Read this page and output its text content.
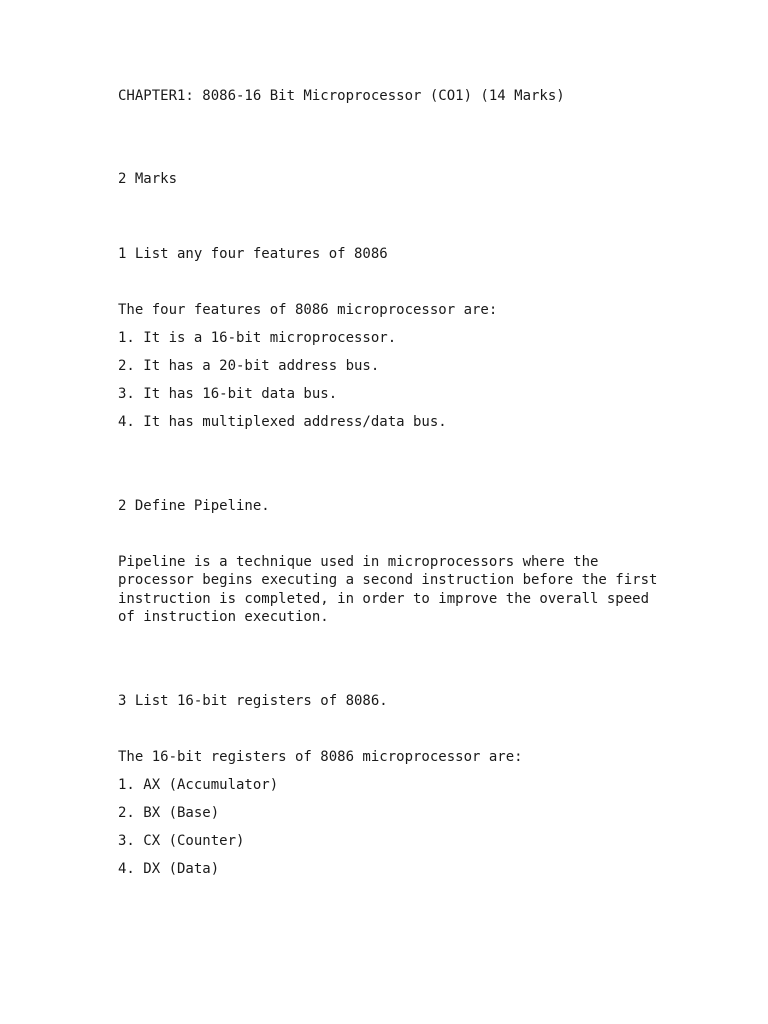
CHAPTER1: 8086-16 Bit Microprocessor (CO1) (14 Marks)
2 Marks
1 List any four features of 8086
The four features of 8086 microprocessor are:
1. It is a 16-bit microprocessor.
2. It has a 20-bit address bus.
3. It has 16-bit data bus.
4. It has multiplexed address/data bus.
2 Define Pipeline.
Pipeline is a technique used in microprocessors where the
processor begins executing a second instruction before the first
instruction is completed, in order to improve the overall speed
of instruction execution.
3 List 16-bit registers of 8086.
The 16-bit registers of 8086 microprocessor are:
1. AX (Accumulator)
2. BX (Base)
3. CX (Counter)
4. DX (Data)
